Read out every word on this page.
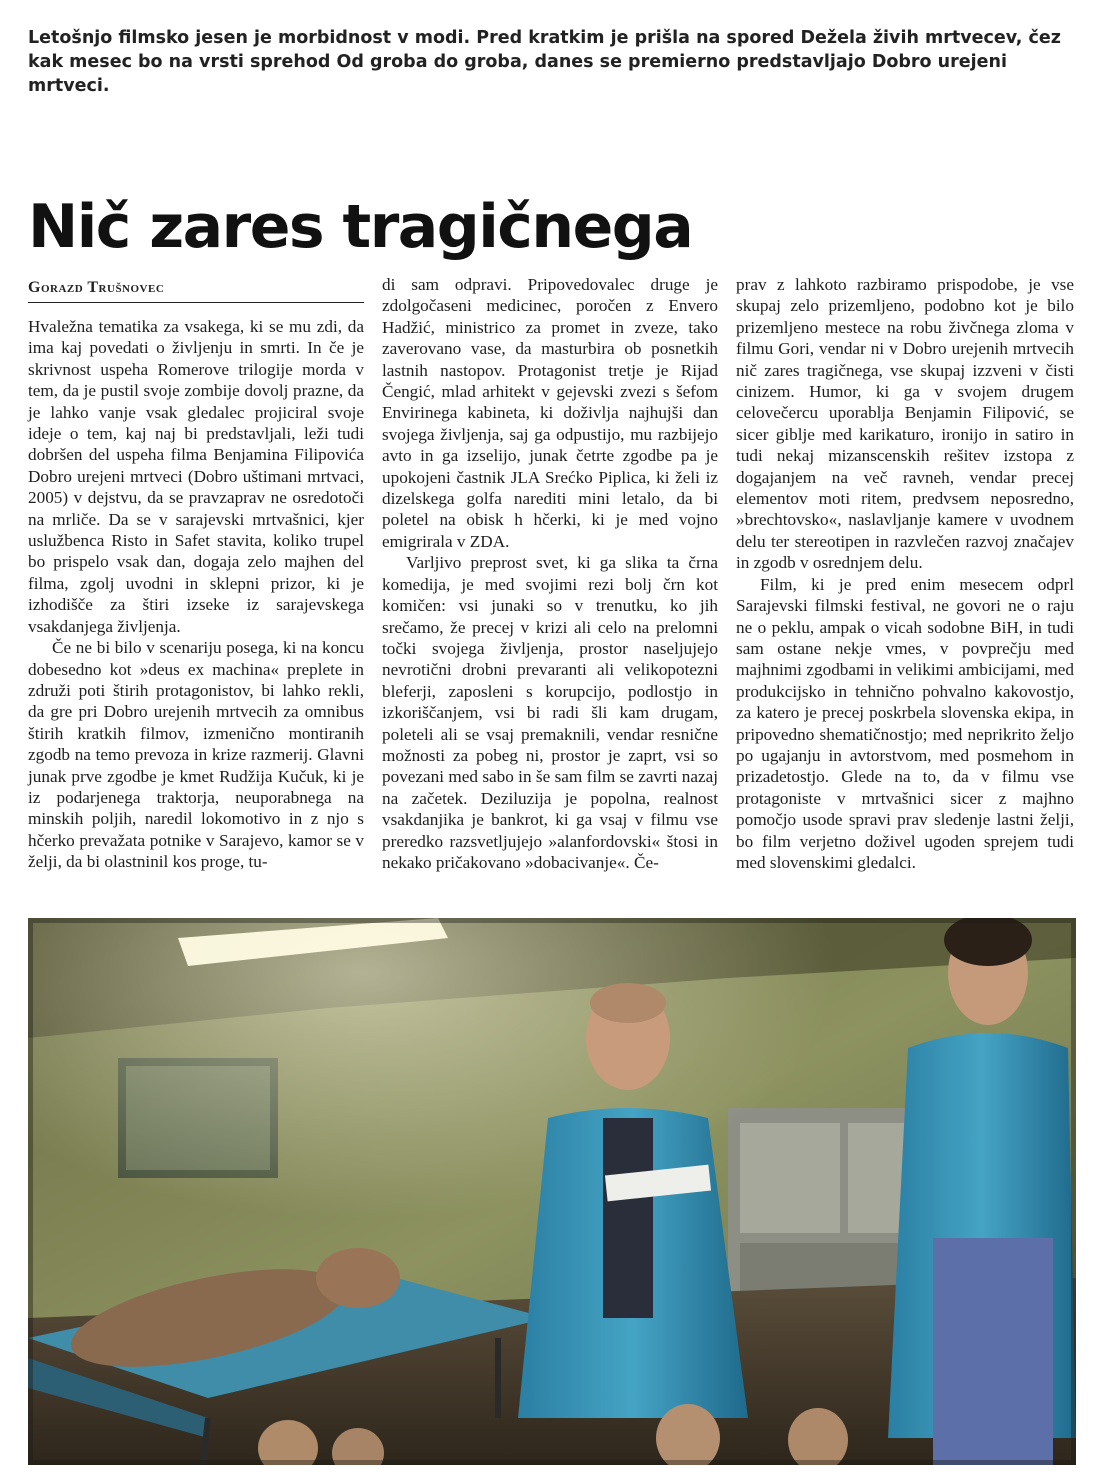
Letošnjo filmsko jesen je morbidnost v modi. Pred kratkim je prišla na spored Dežela živih mrtvecev, čez kak mesec bo na vrsti sprehod Od groba do groba, danes se premierno predstavljajo Dobro urejeni mrtveci.
Nič zares tragičnega
Gorazd Trušnovec

Hvaležna tematika za vsakega, ki se mu zdi, da ima kaj povedati o življenju in smrti. In če je skrivnost uspeha Romerove trilogije morda v tem, da je pustil svoje zombije dovolj prazne, da je lahko vanje vsak gledalec projiciral svoje ideje o tem, kaj naj bi predstavljali, leži tudi dobršen del uspeha filma Benjamina Filipovića Dobro urejeni mrtveci (Dobro uštimani mrtvaci, 2005) v dejstvu, da se pravzaprav ne osredotoči na mrliče. Da se v sarajevski mrtvašnici, kjer uslužbenca Risto in Safet stavita, koliko trupel bo prispelo vsak dan, dogaja zelo majhen del filma, zgolj uvodni in sklepni prizor, ki je izhodišče za štiri izseke iz sarajevskega vsakdanjega življenja.

Če ne bi bilo v scenariju posega, ki na koncu dobesedno kot »deus ex machina« preplete in združi poti štirih protagonistov, bi lahko rekli, da gre pri Dobro urejenih mrtvecih za omnibus štirih kratkih filmov, izmenično montiranih zgodb na temo prevoza in krize razmerij. Glavni junak prve zgodbe je kmet Rudžija Kučuk, ki je iz podarjenega traktorja, neuporabnega na minskih poljih, naredil lokomotivo in z njo s hčerko prevažata potnike v Sarajevo, kamor se v želji, da bi olastninil kos proge, tu-

di sam odpravi. Pripovedovalec druge je zdolgočaseni medicinec, poročen z Envero Hadžić, ministrico za promet in zveze, tako zaverovano vase, da masturbira ob posnetkih lastnih nastopov. Protagonist tretje je Rijad Čengić, mlad arhitekt v gejevski zvezi s šefom Envirinega kabineta, ki doživlja najhujši dan svojega življenja, saj ga odpustijo, mu razbijejo avto in ga izselijo, junak četrte zgodbe pa je upokojeni častnik JLA Srećko Piplica, ki želi iz dizelskega golfa narediti mini letalo, da bi poletel na obisk h hčerki, ki je med vojno emigrirala v ZDA.

Varljivo preprost svet, ki ga slika ta črna komedija, je med svojimi rezi bolj črn kot komičen: vsi junaki so v trenutku, ko jih srečamo, že precej v krizi ali celo na prelomni točki svojega življenja, prostor naseljujejo nevrotični drobni prevaranti ali velikopotezni bleferji, zaposleni s korupcijo, podlostjo in izkoriščanjem, vsi bi radi šli kam drugam, poleteli ali se vsaj premaknili, vendar resnične možnosti za pobeg ni, prostor je zaprt, vsi so povezani med sabo in še sam film se zavrti nazaj na začetek. Deziluzija je popolna, realnost vsakdanjika je bankrot, ki ga vsaj v filmu vse preredko razsvetljujejo »alanfordovski« štosi in nekako pričakovano »dobacivanje«. Če-

prav z lahkoto razbiramo prispodobe, je vse skupaj zelo prizemljeno, podobno kot je bilo prizemljeno mestece na robu živčnega zloma v filmu Gori, vendar ni v Dobro urejenih mrtvecih nič zares tragičnega, vse skupaj izzveni v čisti cinizem. Humor, ki ga v svojem drugem celovečercu uporablja Benjamin Filipović, se sicer giblje med karikaturo, ironijo in satiro in tudi nekaj mizanscenskih rešitev izstopa z dogajanjem na več ravneh, vendar precej elementov moti ritem, predvsem neposredno, »brechtovsko«, naslavljanje kamere v uvodnem delu ter stereotipen in razvlečen razvoj značajev in zgodb v osrednjem delu.

Film, ki je pred enim mesecem odprl Sarajevski filmski festival, ne govori ne o raju ne o peklu, ampak o vicah sodobne BiH, in tudi sam ostane nekje vmes, v povprečju med majhnimi zgodbami in velikimi ambicijami, med produkcijsko in tehnično pohvalno kakovostjo, za katero je precej poskrbela slovenska ekipa, in pripovedno shematičnostjo; med neprikrito željo po ugajanju in avtorstvom, med posmehom in prizadetostjo. Glede na to, da v filmu vse protagoniste v mrtvašnici sicer z majhno pomočjo usode spravi prav sledenje lastni želji, bo film verjetno doživel ugoden sprejem tudi med slovenskimi gledalci.
